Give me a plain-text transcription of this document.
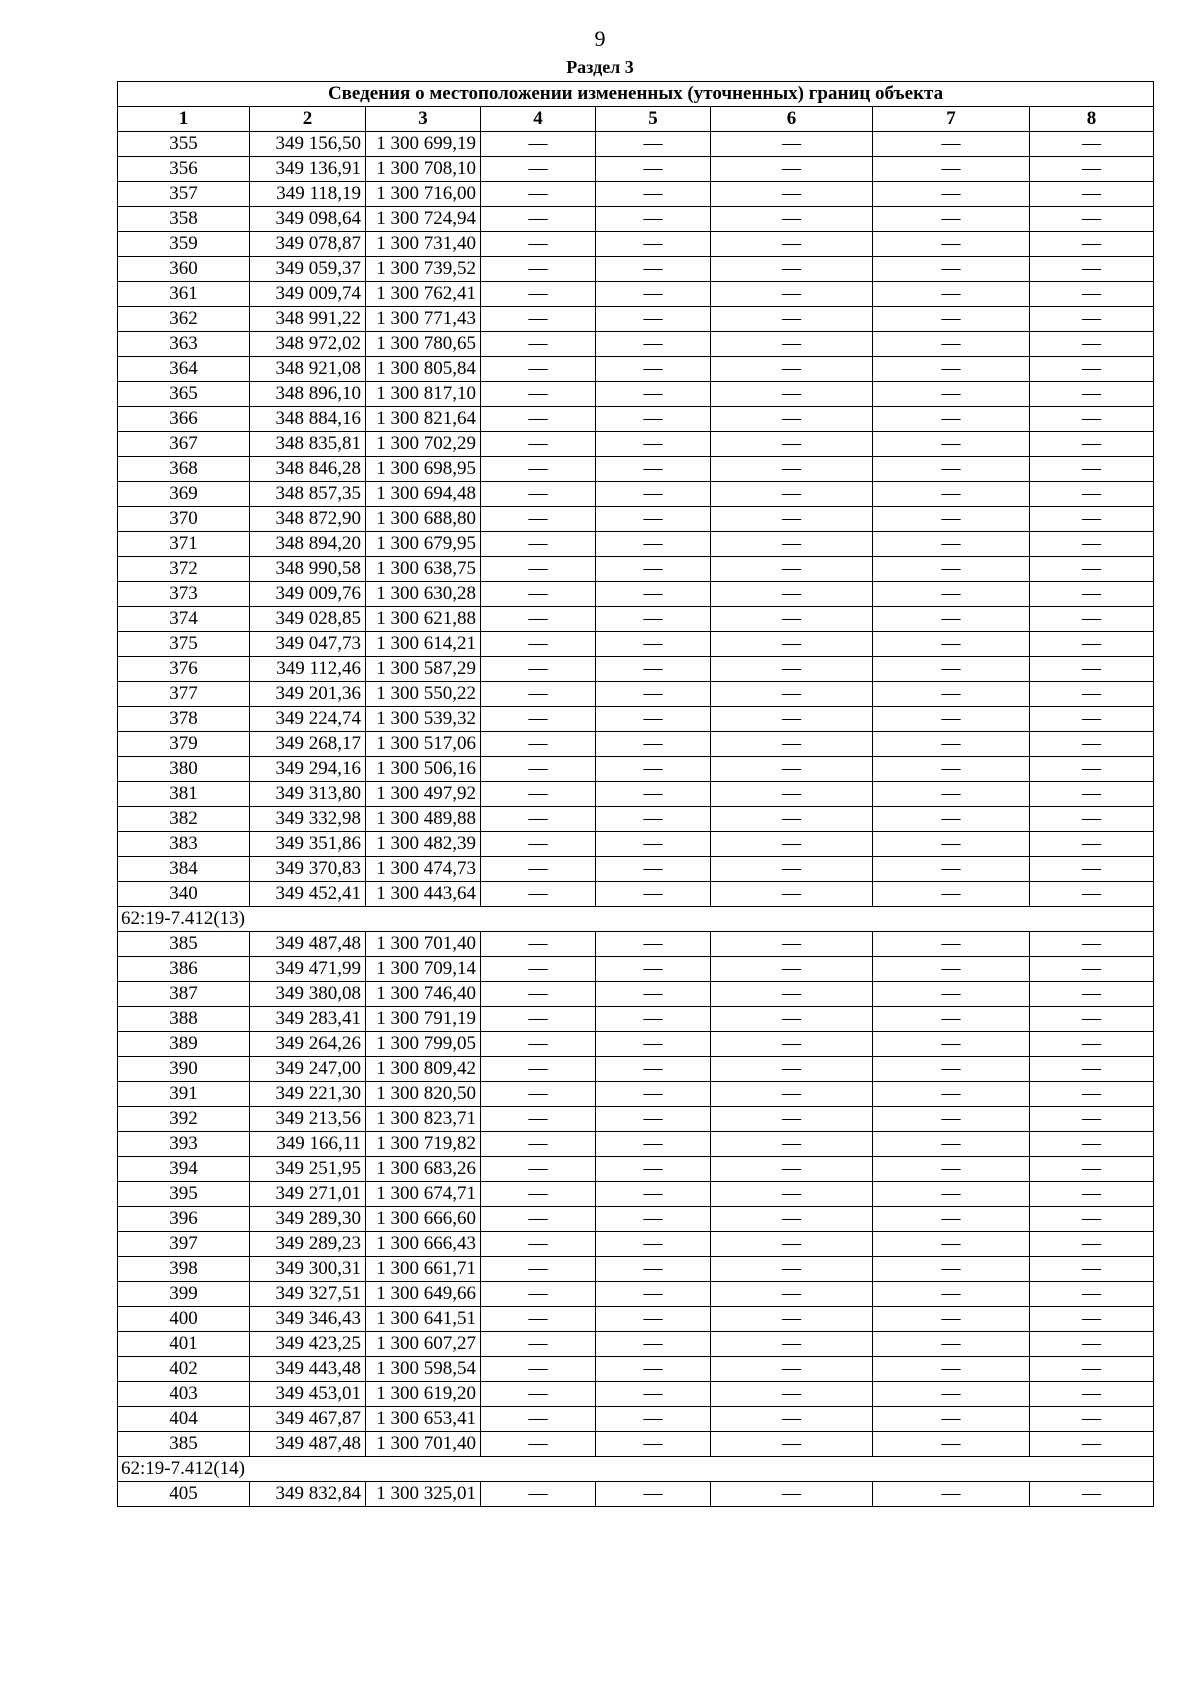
9
Раздел 3
Сведения о местоположении измененных (уточненных) границ объекта							
1	2	3	4	5	6	7	8
355	349 156,50	1 300 699,19	—	—	—	—	—
356	349 136,91	1 300 708,10	—	—	—	—	—
357	349 118,19	1 300 716,00	—	—	—	—	—
358	349 098,64	1 300 724,94	—	—	—	—	—
359	349 078,87	1 300 731,40	—	—	—	—	—
360	349 059,37	1 300 739,52	—	—	—	—	—
361	349 009,74	1 300 762,41	—	—	—	—	—
362	348 991,22	1 300 771,43	—	—	—	—	—
363	348 972,02	1 300 780,65	—	—	—	—	—
364	348 921,08	1 300 805,84	—	—	—	—	—
365	348 896,10	1 300 817,10	—	—	—	—	—
366	348 884,16	1 300 821,64	—	—	—	—	—
367	348 835,81	1 300 702,29	—	—	—	—	—
368	348 846,28	1 300 698,95	—	—	—	—	—
369	348 857,35	1 300 694,48	—	—	—	—	—
370	348 872,90	1 300 688,80	—	—	—	—	—
371	348 894,20	1 300 679,95	—	—	—	—	—
372	348 990,58	1 300 638,75	—	—	—	—	—
373	349 009,76	1 300 630,28	—	—	—	—	—
374	349 028,85	1 300 621,88	—	—	—	—	—
375	349 047,73	1 300 614,21	—	—	—	—	—
376	349 112,46	1 300 587,29	—	—	—	—	—
377	349 201,36	1 300 550,22	—	—	—	—	—
378	349 224,74	1 300 539,32	—	—	—	—	—
379	349 268,17	1 300 517,06	—	—	—	—	—
380	349 294,16	1 300 506,16	—	—	—	—	—
381	349 313,80	1 300 497,92	—	—	—	—	—
382	349 332,98	1 300 489,88	—	—	—	—	—
383	349 351,86	1 300 482,39	—	—	—	—	—
384	349 370,83	1 300 474,73	—	—	—	—	—
340	349 452,41	1 300 443,64	—	—	—	—	—
62:19-7.412(13)							
385	349 487,48	1 300 701,40	—	—	—	—	—
386	349 471,99	1 300 709,14	—	—	—	—	—
387	349 380,08	1 300 746,40	—	—	—	—	—
388	349 283,41	1 300 791,19	—	—	—	—	—
389	349 264,26	1 300 799,05	—	—	—	—	—
390	349 247,00	1 300 809,42	—	—	—	—	—
391	349 221,30	1 300 820,50	—	—	—	—	—
392	349 213,56	1 300 823,71	—	—	—	—	—
393	349 166,11	1 300 719,82	—	—	—	—	—
394	349 251,95	1 300 683,26	—	—	—	—	—
395	349 271,01	1 300 674,71	—	—	—	—	—
396	349 289,30	1 300 666,60	—	—	—	—	—
397	349 289,23	1 300 666,43	—	—	—	—	—
398	349 300,31	1 300 661,71	—	—	—	—	—
399	349 327,51	1 300 649,66	—	—	—	—	—
400	349 346,43	1 300 641,51	—	—	—	—	—
401	349 423,25	1 300 607,27	—	—	—	—	—
402	349 443,48	1 300 598,54	—	—	—	—	—
403	349 453,01	1 300 619,20	—	—	—	—	—
404	349 467,87	1 300 653,41	—	—	—	—	—
385	349 487,48	1 300 701,40	—	—	—	—	—
62:19-7.412(14)							
405	349 832,84	1 300 325,01	—	—	—	—	—
